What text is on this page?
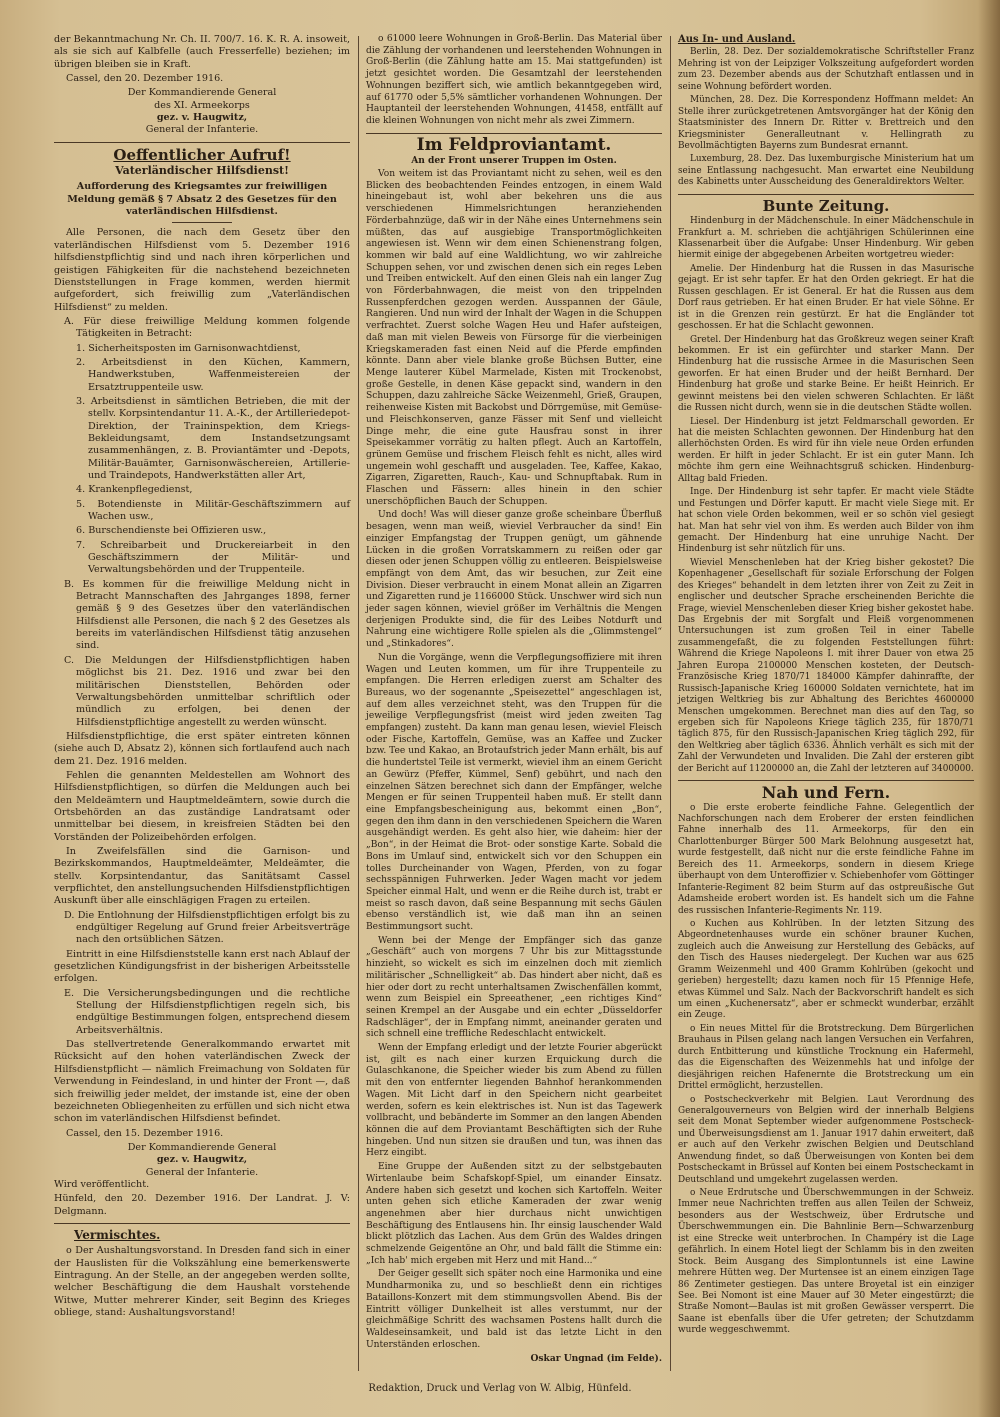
der Bekanntmachung Nr. Ch. II. 700/7. 16. K. R. A. insoweit, als sie sich auf Kalbfelle (auch Fresserfelle) beziehen; im übrigen bleiben sie in Kraft.

Cassel, den 20. Dezember 1916.

Der Kommandierende General

des XI. Armeekorps

gez. v. Haugwitz,

General der Infanterie.

Oeffentlicher Aufruf!
Vaterländischer Hilfsdienst!

Aufforderung des Kriegsamtes zur freiwilligen Meldung gemäß § 7 Absatz 2 des Gesetzes für den vaterländischen Hilfsdienst.

Alle Personen, die nach dem Gesetz über den vaterländischen Hilfsdienst vom 5. Dezember 1916 hilfsdienstpflichtig sind und nach ihren körperlichen und geistigen Fähigkeiten für die nachstehend bezeichneten Dienststellungen in Frage kommen, werden hiermit aufgefordert, sich freiwillig zum „Vaterländischen Hilfsdienst“ zu melden.

A. Für diese freiwillige Meldung kommen folgende Tätigkeiten in Betracht:

1. Sicherheitsposten im Garnisonwachtdienst,

2. Arbeitsdienst in den Küchen, Kammern, Handwerkstuben, Waffenmeistereien der Ersatztruppenteile usw.

3. Arbeitsdienst in sämtlichen Betrieben, die mit der stellv. Korpsintendantur 11. A.-K., der Artilleriedepot-Direktion, der Traininspektion, dem Kriegs-Bekleidungsamt, dem Instandsetzungsamt zusammenhängen, z. B. Proviantämter und -Depots, Militär-Bauämter, Garnisonwäschereien, Artillerie- und Traindepots, Handwerkstätten aller Art,

4. Krankenpflegedienst,

5. Botendienste in Militär-Geschäftszimmern auf Wachen usw.,

6. Burschendienste bei Offizieren usw.,

7. Schreibarbeit und Druckereiarbeit in den Geschäftszimmern der Militär- und Verwaltungsbehörden und der Truppenteile.

B. Es kommen für die freiwillige Meldung nicht in Betracht Mannschaften des Jahrganges 1898, ferner gemäß § 9 des Gesetzes über den vaterländischen Hilfsdienst alle Personen, die nach § 2 des Gesetzes als bereits im vaterländischen Hilfsdienst tätig anzusehen sind.

C. Die Meldungen der Hilfsdienstpflichtigen haben möglichst bis 21. Dez. 1916 und zwar bei den militärischen Dienststellen, Behörden oder Verwaltungsbehörden unmittelbar schriftlich oder mündlich zu erfolgen, bei denen der Hilfsdienstpflichtige angestellt zu werden wünscht.

Hilfsdienstpflichtige, die erst später eintreten können (siehe auch D, Absatz 2), können sich fortlaufend auch nach dem 21. Dez. 1916 melden.

Fehlen die genannten Meldestellen am Wohnort des Hilfsdienstpflichtigen, so dürfen die Meldungen auch bei den Meldeämtern und Hauptmeldeämtern, sowie durch die Ortsbehörden an das zuständige Landratsamt oder unmittelbar bei diesem, in kreisfreien Städten bei den Vorständen der Polizeibehörden erfolgen.

In Zweifelsfällen sind die Garnison- und Bezirkskommandos, Hauptmeldeämter, Meldeämter, die stellv. Korpsintendantur, das Sanitätsamt Cassel verpflichtet, den anstellungsuchenden Hilfsdienstpflichtigen Auskunft über alle einschlägigen Fragen zu erteilen.

D. Die Entlohnung der Hilfsdienstpflichtigen erfolgt bis zu endgültiger Regelung auf Grund freier Arbeitsverträge nach den ortsüblichen Sätzen.

Eintritt in eine Hilfsdienststelle kann erst nach Ablauf der gesetzlichen Kündigungsfrist in der bisherigen Arbeitsstelle erfolgen.

E. Die Versicherungsbedingungen und die rechtliche Stellung der Hilfsdienstpflichtigen regeln sich, bis endgültige Bestimmungen folgen, entsprechend diesem Arbeitsverhältnis.

Das stellvertretende Generalkommando erwartet mit Rücksicht auf den hohen vaterländischen Zweck der Hilfsdienstpflicht — nämlich Freimachung von Soldaten für Verwendung in Feindesland, in und hinter der Front —, daß sich freiwillig jeder meldet, der imstande ist, eine der oben bezeichneten Obliegenheiten zu erfüllen und sich nicht etwa schon im vaterländischen Hilfsdienst befindet.

Cassel, den 15. Dezember 1916.

Der Kommandierende General

gez. v. Haugwitz,

General der Infanterie.

Wird veröffentlicht.

Hünfeld, den 20. Dezember 1916. Der Landrat. J. V: Delgmann.

Vermischtes.

o Der Aushaltungsvorstand. In Dresden fand sich in einer der Hauslisten für die Volkszählung eine bemerkenswerte Eintragung. An der Stelle, an der angegeben werden sollte, welcher Beschäftigung die dem Haushalt vorstehende Witwe, Mutter mehrerer Kinder, seit Beginn des Krieges obliege, stand: Aushaltungsvorstand!

o 61000 leere Wohnungen in Groß-Berlin. Das Material über die Zählung der vorhandenen und leerstehenden Wohnungen in Groß-Berlin (die Zählung hatte am 15. Mai stattgefunden) ist jetzt gesichtet worden. Die Gesamtzahl der leerstehenden Wohnungen beziffert sich, wie amtlich bekanntgegeben wird, auf 61770 oder 5,5% sämtlicher vorhandenen Wohnungen. Der Hauptanteil der leerstehenden Wohnungen, 41458, entfällt auf die kleinen Wohnungen von nicht mehr als zwei Zimmern.

Im Feldproviantamt.

An der Front unserer Truppen im Osten.

Von weitem ist das Proviantamt nicht zu sehen, weil es den Blicken des beobachtenden Feindes entzogen, in einem Wald hineingebaut ist, wohl aber bekehren uns die aus verschiedenen Himmelsrichtungen heranziehenden Förderbahnzüge, daß wir in der Nähe eines Unternehmens sein müßten, das auf ausgiebige Transportmöglichkeiten angewiesen ist. Wenn wir dem einen Schienenstrang folgen, kommen wir bald auf eine Waldlichtung, wo wir zahlreiche Schuppen sehen, vor und zwischen denen sich ein reges Leben und Treiben entwickelt. Auf den einen Gleis nah ein langer Zug von Förderbahnwagen, die meist von den trippelnden Russenpferdchen gezogen werden. Ausspannen der Gäule, Rangieren. Und nun wird der Inhalt der Wagen in die Schuppen verfrachtet. Zuerst solche Wagen Heu und Hafer aufsteigen, daß man mit vielen Beweis von Fürsorge für die vierbeinigen Kriegskameraden fast einen Neid auf die Pferde empfinden könnte. Dann aber viele blanke große Büchsen Butter, eine Menge lauterer Kübel Marmelade, Kisten mit Trockenobst, große Gestelle, in denen Käse gepackt sind, wandern in den Schuppen, dazu zahlreiche Säcke Weizenmehl, Grieß, Graupen, reihenweise Kisten mit Backobst und Dörrgemüse, mit Gemüse- und Fleischkonserven, ganze Fässer mit Senf und vielleicht Dinge mehr, die eine gute Hausfrau sonst in ihrer Speisekammer vorrätig zu halten pflegt. Auch an Kartoffeln, grünem Gemüse und frischem Fleisch fehlt es nicht, alles wird ungemein wohl geschafft und ausgeladen. Tee, Kaffee, Kakao, Zigarren, Zigaretten, Rauch-, Kau- und Schnupftabak. Rum in Flaschen und Fässern: alles hinein in den schier unerschöpflichen Bauch der Schuppen.

Und doch! Was will dieser ganze große scheinbare Überfluß besagen, wenn man weiß, wieviel Verbraucher da sind! Ein einziger Empfangstag der Truppen genügt, um gähnende Lücken in die großen Vorratskammern zu reißen oder gar diesen oder jenen Schuppen völlig zu entleeren. Beispielsweise empfängt von dem Amt, das wir besuchen, zur Zeit eine Division. Dieser verbraucht in einem Monat allein an Zigarren und Zigaretten rund je 1166000 Stück. Unschwer wird sich nun jeder sagen können, wieviel größer im Verhältnis die Mengen derjenigen Produkte sind, die für des Leibes Notdurft und Nahrung eine wichtigere Rolle spielen als die „Glimmstengel“ und „Stinkadores“.

Nun die Vorgänge, wenn die Verpflegungsoffiziere mit ihren Wagen und Leuten kommen, um für ihre Truppenteile zu empfangen. Die Herren erledigen zuerst am Schalter des Bureaus, wo der sogenannte „Speisezettel“ angeschlagen ist, auf dem alles verzeichnet steht, was den Truppen für die jeweilige Verpflegungsfrist (meist wird jeden zweiten Tag empfangen) zusteht. Da kann man genau lesen, wieviel Fleisch oder Fische, Kartoffeln, Gemüse, was an Kaffee und Zucker bzw. Tee und Kakao, an Brotaufstrich jeder Mann erhält, bis auf die hundertstel Teile ist vermerkt, wieviel ihm an einem Gericht an Gewürz (Pfeffer, Kümmel, Senf) gebührt, und nach den einzelnen Sätzen berechnet sich dann der Empfänger, welche Mengen er für seinen Truppenteil haben muß. Er stellt dann eine Empfangsbescheinigung aus, bekommt einen „Bon“, gegen den ihm dann in den verschiedenen Speichern die Waren ausgehändigt werden. Es geht also hier, wie daheim: hier der „Bon“, in der Heimat die Brot- oder sonstige Karte. Sobald die Bons im Umlauf sind, entwickelt sich vor den Schuppen ein tolles Durcheinander von Wagen, Pferden, von zu fogar sechsspännigen Fuhrwerken. Jeder Wagen macht vor jedem Speicher einmal Halt, und wenn er die Reihe durch ist, trabt er meist so rasch davon, daß seine Bespannung mit sechs Gäulen ebenso verständlich ist, wie daß man ihn an seinen Bestimmungsort sucht.

Wenn bei der Menge der Empfänger sich das ganze „Geschäft“ auch von morgens 7 Uhr bis zur Mittagsstunde hinzieht, so wickelt es sich im einzelnen doch mit ziemlich militärischer „Schnelligkeit“ ab. Das hindert aber nicht, daß es hier oder dort zu recht unterhaltsamen Zwischenfällen kommt, wenn zum Beispiel ein Spreeathener, „een richtiges Kind“ seinen Krempel an der Ausgabe und ein echter „Düsseldorfer Radschläger“, der in Empfang nimmt, aneinander geraten und sich schnell eine treffliche Redeschlacht entwickelt.

Wenn der Empfang erledigt und der letzte Fourier abgerückt ist, gilt es nach einer kurzen Erquickung durch die Gulaschkanone, die Speicher wieder bis zum Abend zu füllen mit den von entfernter liegenden Bahnhof herankommenden Wagen. Mit Licht darf in den Speichern nicht gearbeitet werden, sofern es kein elektrisches ist. Nun ist das Tagewerk vollbracht, und bebänderte im Sommer an den langen Abenden können die auf dem Proviantamt Beschäftigten sich der Ruhe hingeben. Und nun sitzen sie draußen und tun, was ihnen das Herz eingibt.

Eine Gruppe der Außenden sitzt zu der selbstgebauten Wirtenlaube beim Schafskopf-Spiel, um einander Einsatz. Andere haben sich gesetzt und kochen sich Kartoffeln. Weiter unten gehen sich etliche Kameraden der zwar wenig angenehmen aber hier durchaus nicht unwichtigen Beschäftigung des Entlausens hin. Ihr einsig lauschender Wald blickt plötzlich das Lachen. Aus dem Grün des Waldes dringen schmelzende Geigentöne an Ohr, und bald fällt die Stimme ein: „Ich hab' mich ergeben mit Herz und mit Hand...“

Der Geiger gesellt sich später noch eine Harmonika und eine Mundharmonika zu, und so beschließt denn ein richtiges Bataillons-Konzert mit dem stimmungsvollen Abend. Bis der Eintritt völliger Dunkelheit ist alles verstummt, nur der gleichmäßige Schritt des wachsamen Postens hallt durch die Waldeseinsamkeit, und bald ist das letzte Licht in den Unterständen erloschen.

Oskar Ungnad (im Felde).

Aus In- und Ausland.

Berlin, 28. Dez. Der sozialdemokratische Schriftsteller Franz Mehring ist von der Leipziger Volkszeitung aufgefordert worden zum 23. Dezember abends aus der Schutzhaft entlassen und in seine Wohnung befördert worden.

München, 28. Dez. Die Korrespondenz Hoffmann meldet: An Stelle ihrer zurückgetretenen Amtsvorgänger hat der König den Staatsminister des Innern Dr. Ritter v. Brettreich und den Kriegsminister Generalleutnant v. Hellingrath zu Bevollmächtigten Bayerns zum Bundesrat ernannt.

Luxemburg, 28. Dez. Das luxemburgische Ministerium hat um seine Entlassung nachgesucht. Man erwartet eine Neubildung des Kabinetts unter Ausscheidung des Generaldirektors Welter.

Bunte Zeitung.

Hindenburg in der Mädchenschule. In einer Mädchenschule in Frankfurt a. M. schrieben die achtjährigen Schülerinnen eine Klassenarbeit über die Aufgabe: Unser Hindenburg. Wir geben hiermit einige der abgegebenen Arbeiten wortgetreu wieder:

Amelie. Der Hindenburg hat die Russen in das Masurische gejagt. Er ist sehr tapfer. Er hat den Orden gekriegt. Er hat die Russen geschlagen. Er ist General. Er hat die Russen aus dem Dorf raus getrieben. Er hat einen Bruder. Er hat viele Söhne. Er ist in die Grenzen rein gestürzt. Er hat die Engländer tot geschossen. Er hat die Schlacht gewonnen.

Gretel. Der Hindenburg hat das Großkreuz wegen seiner Kraft bekommen. Er ist ein gefürchter und starker Mann. Der Hindenburg hat die russische Armee in die Masurischen Seen geworfen. Er hat einen Bruder und der heißt Bernhard. Der Hindenburg hat große und starke Beine. Er heißt Heinrich. Er gewinnt meistens bei den vielen schweren Schlachten. Er läßt die Russen nicht durch, wenn sie in die deutschen Städte wollen.

Liesel. Der Hindenburg ist jetzt Feldmarschall geworden. Er hat die meisten Schlachten gewonnen. Der Hindenburg hat den allerhöchsten Orden. Es wird für ihn viele neue Orden erfunden werden. Er hilft in jeder Schlacht. Er ist ein guter Mann. Ich möchte ihm gern eine Weihnachtsgruß schicken. Hindenburg-Alltag bald Frieden.

Inge. Der Hindenburg ist sehr tapfer. Er macht viele Städte und Festungen und Dörfer kaputt. Er macht viele Siege mit. Er hat schon viele Orden bekommen, weil er so schön viel gesiegt hat. Man hat sehr viel von ihm. Es werden auch Bilder von ihm gemacht. Der Hindenburg hat eine unruhige Nacht. Der Hindenburg ist sehr nützlich für uns.

Wieviel Menschenleben hat der Krieg bisher gekostet? Die Kopenhagener „Gesellschaft für soziale Erforschung der Folgen des Krieges“ behandelt in dem letzten ihrer von Zeit zu Zeit in englischer und deutscher Sprache erscheinenden Berichte die Frage, wieviel Menschenleben dieser Krieg bisher gekostet habe. Das Ergebnis der mit Sorgfalt und Fleiß vorgenommenen Untersuchungen ist zum großen Teil in einer Tabelle zusammengefaßt, die zu folgenden Feststellungen führt: Während die Kriege Napoleons I. mit ihrer Dauer von etwa 25 Jahren Europa 2100000 Menschen kosteten, der Deutsch-Französische Krieg 1870/71 184000 Kämpfer dahinraffte, der Russisch-Japanische Krieg 160000 Soldaten vernichtete, hat im jetzigen Weltkrieg bis zur Abhaltung des Berichtes 4600000 Menschen umgekommen. Berechnet man dies auf den Tag, so ergeben sich für Napoleons Kriege täglich 235, für 1870/71 täglich 875, für den Russisch-Japanischen Krieg täglich 292, für den Weltkrieg aber täglich 6336. Ähnlich verhält es sich mit der Zahl der Verwundeten und Invaliden. Die Zahl der ersteren gibt der Bericht auf 11200000 an, die Zahl der letzteren auf 3400000.

Nah und Fern.

o Die erste eroberte feindliche Fahne. Gelegentlich der Nachforschungen nach dem Eroberer der ersten feindlichen Fahne innerhalb des 11. Armeekorps, für den ein Charlottenburger Bürger 500 Mark Belohnung ausgesetzt hat, wurde festgestellt, daß nicht nur die erste feindliche Fahne im Bereich des 11. Armeekorps, sondern in diesem Kriege überhaupt von dem Unteroffizier v. Schiebenhofer vom Göttinger Infanterie-Regiment 82 beim Sturm auf das ostpreußische Gut Adamsheide erobert worden ist. Es handelt sich um die Fahne des russischen Infanterie-Regiments Nr. 119.

o Kuchen aus Kohlrüben. In der letzten Sitzung des Abgeordnetenhauses wurde ein schöner brauner Kuchen, zugleich auch die Anweisung zur Herstellung des Gebäcks, auf den Tisch des Hauses niedergelegt. Der Kuchen war aus 625 Gramm Weizenmehl und 400 Gramm Kohlrüben (gekocht und gerieben) hergestellt; dazu kamen noch für 15 Pfennige Hefe, etwas Kümmel und Salz. Nach der Backvorschrift handelt es sich um einen „Kuchenersatz“, aber er schmeckt wunderbar, erzählt ein Zeuge.

o Ein neues Mittel für die Brotstreckung. Dem Bürgerlichen Brauhaus in Pilsen gelang nach langen Versuchen ein Verfahren, durch Entbitterung und künstliche Trocknung ein Hafermehl, das die Eigenschaften des Weizenmehls hat und infolge der diesjährigen reichen Hafenernte die Brotstreckung um ein Drittel ermöglicht, herzustellen.

o Postscheckverkehr mit Belgien. Laut Verordnung des Generalgouverneurs von Belgien wird der innerhalb Belgiens seit dem Monat September wieder aufgenommene Postscheck- und Überweisungsdienst am 1. Januar 1917 dahin erweitert, daß er auch auf den Verkehr zwischen Belgien und Deutschland Anwendung findet, so daß Überweisungen von Konten bei dem Postscheckamt in Brüssel auf Konten bei einem Postscheckamt in Deutschland und umgekehrt zugelassen werden.

o Neue Erdrutsche und Überschwemmungen in der Schweiz. Immer neue Nachrichten treffen aus allen Teilen der Schweiz, besonders aus der Westschweiz, über Erdrutsche und Überschwemmungen ein. Die Bahnlinie Bern—Schwarzenburg ist eine Strecke weit unterbrochen. In Champéry ist die Lage gefährlich. In einem Hotel liegt der Schlamm bis in den zweiten Stock. Beim Ausgang des Simplontunnels ist eine Lawine mehrere Hütten weg. Der Murtensee ist an einem einzigen Tage 86 Zentimeter gestiegen. Das untere Broyetal ist ein einziger See. Bei Nomont ist eine Mauer auf 30 Meter eingestürzt; die Straße Nomont—Baulas ist mit großen Gewässer versperrt. Die Saane ist ebenfalls über die Ufer getreten; der Schutzdamm wurde weggeschwemmt.

Redaktion, Druck und Verlag von W. Albig, Hünfeld.
